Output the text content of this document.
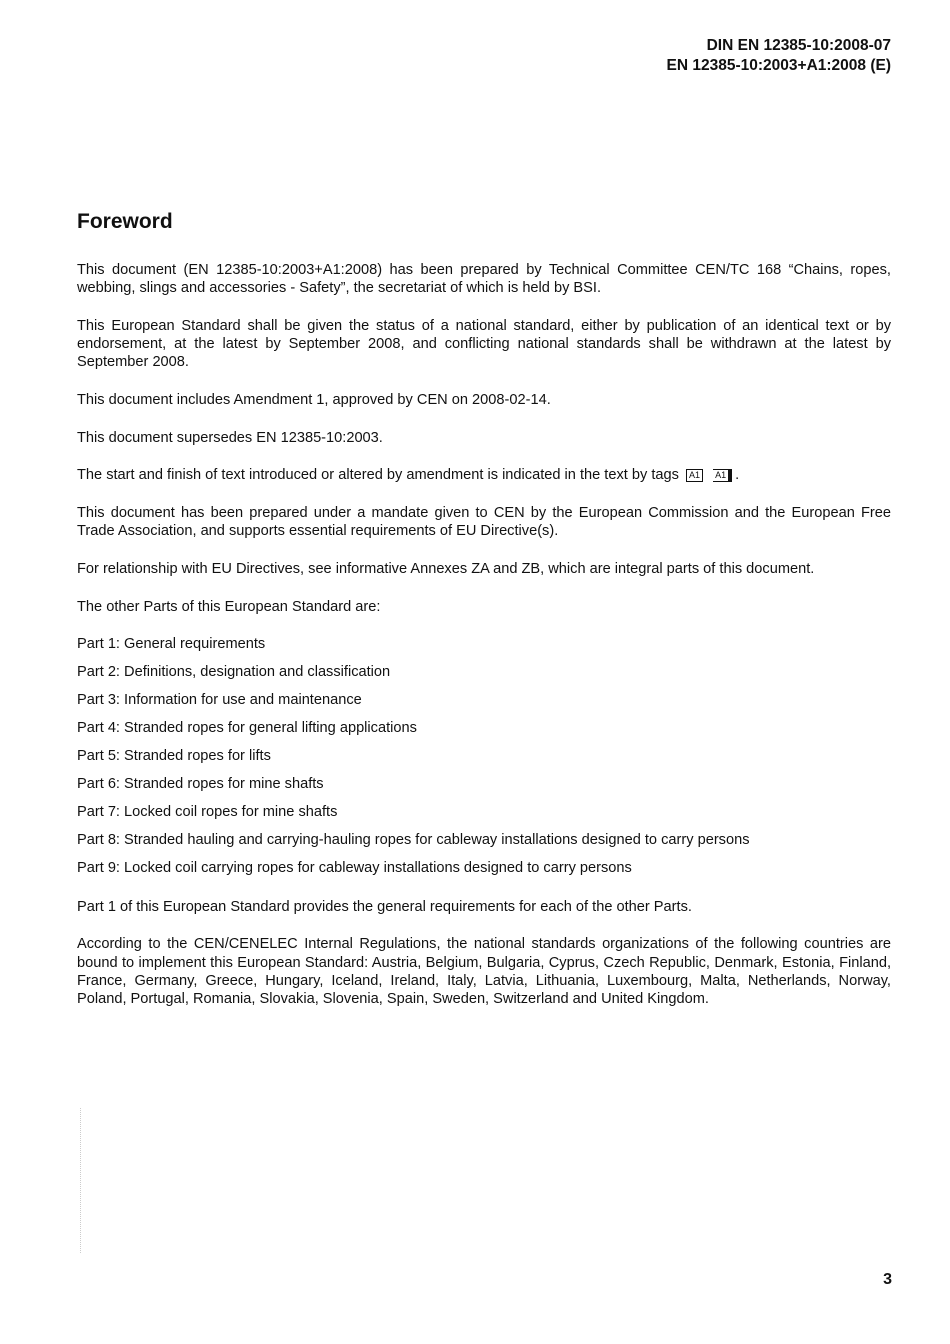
DIN EN 12385-10:2008-07
EN 12385-10:2003+A1:2008 (E)
Foreword

This document (EN 12385-10:2003+A1:2008) has been prepared by Technical Committee CEN/TC 168 “Chains, ropes, webbing, slings and accessories - Safety”, the secretariat of which is held by BSI.

This European Standard shall be given the status of a national standard, either by publication of an identical text or by endorsement, at the latest by September 2008, and conflicting national standards shall be withdrawn at the latest by September 2008.

This document includes Amendment 1, approved by CEN on 2008-02-14.

This document supersedes EN 12385-10:2003.

The start and finish of text introduced or altered by amendment is indicated in the text by tags A1 A1 .

This document has been prepared under a mandate given to CEN by the European Commission and the European Free Trade Association, and supports essential requirements of EU Directive(s).

For relationship with EU Directives, see informative Annexes ZA and ZB, which are integral parts of this document.

The other Parts of this European Standard are:

Part 1: General requirements

Part 2: Definitions, designation and classification

Part 3: Information for use and maintenance

Part 4: Stranded ropes for general lifting applications

Part 5: Stranded ropes for lifts

Part 6: Stranded ropes for mine shafts

Part 7: Locked coil ropes for mine shafts

Part 8: Stranded hauling and carrying-hauling ropes for cableway installations designed to carry persons

Part 9: Locked coil carrying ropes for cableway installations designed to carry persons

Part 1 of this European Standard provides the general requirements for each of the other Parts.

According to the CEN/CENELEC Internal Regulations, the national standards organizations of the following countries are bound to implement this European Standard: Austria, Belgium, Bulgaria, Cyprus, Czech Republic, Denmark, Estonia, Finland, France, Germany, Greece, Hungary, Iceland, Ireland, Italy, Latvia, Lithuania, Luxembourg, Malta, Netherlands, Norway, Poland, Portugal, Romania, Slovakia, Slovenia, Spain, Sweden, Switzerland and United Kingdom.

3
